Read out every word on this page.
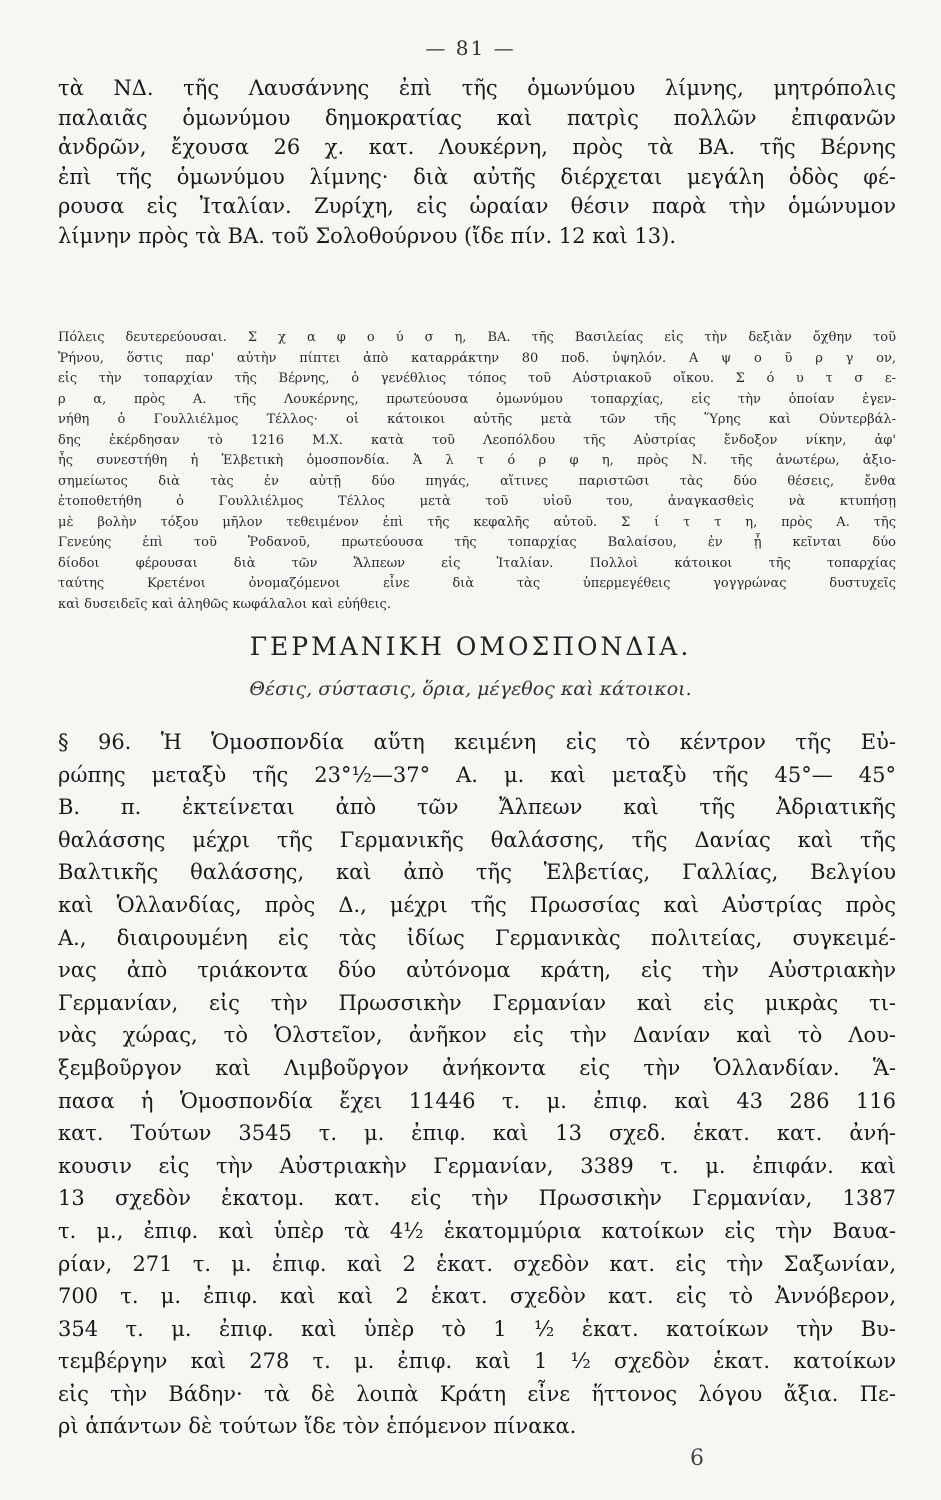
— 81 —
τὰ ΝΔ. τῆς Λαυσάννης ἐπὶ τῆς ὁμωνύμου λίμνης, μητρόπολις
παλαιᾶς ὁμωνύμου δημοκρατίας καὶ πατρὶς πολλῶν ἐπιφανῶν
ἀνδρῶν, ἔχουσα 26 χ. κατ. Λουκέρνη, πρὸς τὰ ΒΑ. τῆς Βέρνης
ἐπὶ τῆς ὁμωνύμου λίμνης· διὰ αὐτῆς διέρχεται μεγάλη ὁδὸς φέ-
ρουσα εἰς Ἰταλίαν. Ζυρίχη, εἰς ὡραίαν θέσιν παρὰ τὴν ὁμώνυμον
λίμνην πρὸς τὰ ΒΑ. τοῦ Σολοθούρνου (ἴδε πίν. 12 καὶ 13).
Πόλεις δευτερεύουσαι. Σ χ α φ ο ύ σ η, ΒΑ. τῆς Βασιλείας εἰς τὴν δεξιὰν ὄχθην τοῦ
Ῥήνου, ὅστις παρ' αὐτὴν πίπτει ἀπὸ καταρράκτην 80 ποδ. ὑψηλόν. Α ψ ο ῦ ρ γ ον,
εἰς τὴν τοπαρχίαν τῆς Βέρνης, ὁ γενέθλιος τόπος τοῦ Αὐστριακοῦ οἴκου. Σ ό υ τ σ ε-
ρ α, πρὸς Α. τῆς Λουκέρνης, πρωτεύουσα ὁμωνύμου τοπαρχίας, εἰς τὴν ὁποίαν ἐγεν-
νήθη ὁ Γουλλιέλμος Τέλλος· οἱ κάτοικοι αὐτῆς μετὰ τῶν τῆς Ὕρης καὶ Οὐντερβάλ-
δης ἐκέρδησαν τὸ 1216 Μ.Χ. κατὰ τοῦ Λεοπόλδου τῆς Αὐστρίας ἔνδοξον νίκην, ἀφ'
ἧς συνεστήθη ἡ Ἑλβετικὴ ὁμοσπονδία. Ἀ λ τ ό ρ φ η, πρὸς Ν. τῆς ἀνωτέρω, ἀξιο-
σημείωτος διὰ τὰς ἐν αὐτῇ δύο πηγάς, αἵτινες παριστῶσι τὰς δύο θέσεις, ἔνθα
ἐτοποθετήθη ὁ Γουλλιέλμος Τέλλος μετὰ τοῦ υἱοῦ του, ἀναγκασθεὶς νὰ κτυπήσῃ
μὲ βολὴν τόξου μῆλον τεθειμένον ἐπὶ τῆς κεφαλῆς αὐτοῦ. Σ ί τ τ η, πρὸς Α. τῆς
Γενεύης ἐπὶ τοῦ Ῥοδανοῦ, πρωτεύουσα τῆς τοπαρχίας Βαλαίσου, ἐν ᾗ κεῖνται δύο
δίοδοι φέρουσαι διὰ τῶν Ἄλπεων εἰς Ἰταλίαν. Πολλοὶ κάτοικοι τῆς τοπαρχίας
ταύτης Κρετένοι ὀνομαζόμενοι εἶνε διὰ τὰς ὑπερμεγέθεις γογγρώνας δυστυχεῖς
καὶ δυσειδεῖς καὶ ἀληθῶς κωφάλαλοι καὶ εὐήθεις.
ΓΕΡΜΑΝΙΚΗ ΟΜΟΣΠΟΝΔΙΑ.
Θέσις, σύστασις, ὅρια, μέγεθος καὶ κάτοικοι.
§ 96. Ἡ Ὁμοσπονδία αὕτη κειμένη εἰς τὸ κέντρον τῆς Εὐ-
ρώπης μεταξὺ τῆς 23°½—37° Α. μ. καὶ μεταξὺ τῆς 45°— 45°
Β. π. ἐκτείνεται ἀπὸ τῶν Ἄλπεων καὶ τῆς Ἀδριατικῆς
θαλάσσης μέχρι τῆς Γερμανικῆς θαλάσσης, τῆς Δανίας καὶ τῆς
Βαλτικῆς θαλάσσης, καὶ ἀπὸ τῆς Ἑλβετίας, Γαλλίας, Βελγίου
καὶ Ὁλλανδίας, πρὸς Δ., μέχρι τῆς Πρωσσίας καὶ Αὐστρίας πρὸς
Α., διαιρουμένη εἰς τὰς ἰδίως Γερμανικὰς πολιτείας, συγκειμέ-
νας ἀπὸ τριάκοντα δύο αὐτόνομα κράτη, εἰς τὴν Αὐστριακὴν
Γερμανίαν, εἰς τὴν Πρωσσικὴν Γερμανίαν καὶ εἰς μικρὰς τι-
νὰς χώρας, τὸ Ὁλστεῖον, ἀνῆκον εἰς τὴν Δανίαν καὶ τὸ Λου-
ξεμβοῦργον καὶ Λιμβοῦργον ἀνήκοντα εἰς τὴν Ὁλλανδίαν. Ἅ-
πασα ἡ Ὁμοσπονδία ἔχει 11446 τ. μ. ἐπιφ. καὶ 43 286 116
κατ. Τούτων 3545 τ. μ. ἐπιφ. καὶ 13 σχεδ. ἑκατ. κατ. ἀνή-
κουσιν εἰς τὴν Αὐστριακὴν Γερμανίαν, 3389 τ. μ. ἐπιφάν. καὶ
13 σχεδὸν ἑκατομ. κατ. εἰς τὴν Πρωσσικὴν Γερμανίαν, 1387
τ. μ., ἐπιφ. καὶ ὑπὲρ τὰ 4½ ἑκατομμύρια κατοίκων εἰς τὴν Βαυα-
ρίαν, 271 τ. μ. ἐπιφ. καὶ 2 ἑκατ. σχεδὸν κατ. εἰς τὴν Σαξωνίαν,
700 τ. μ. ἐπιφ. καὶ καὶ 2 ἑκατ. σχεδὸν κατ. εἰς τὸ Ἀννόβερον,
354 τ. μ. ἐπιφ. καὶ ὑπὲρ τὸ 1 ½ ἑκατ. κατοίκων τὴν Βυ-
τεμβέργην καὶ 278 τ. μ. ἐπιφ. καὶ 1 ½ σχεδὸν ἑκατ. κατοίκων
εἰς τὴν Βάδην· τὰ δὲ λοιπὰ Κράτη εἶνε ἥττονος λόγου ἄξια. Πε-
ρὶ ἁπάντων δὲ τούτων ἴδε τὸν ἑπόμενον πίνακα.
6
